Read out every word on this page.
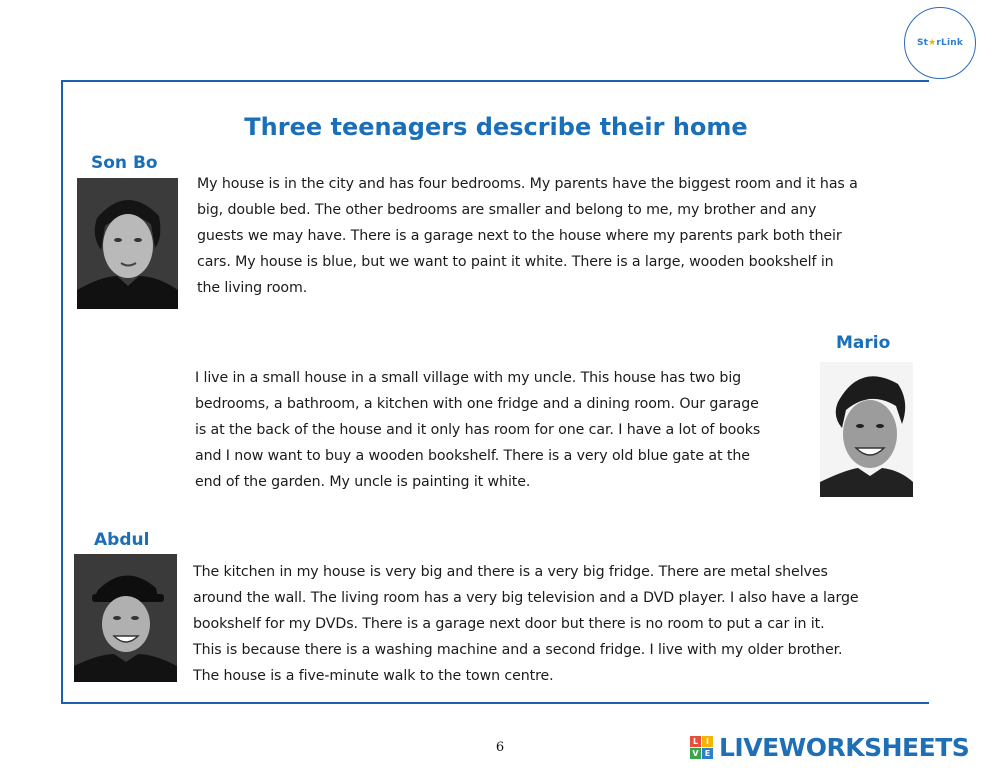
St★rLink
Three teenagers describe their home
Son Bo
My house is in the city and has four bedrooms. My parents have the biggest room and it has a
big, double bed. The other bedrooms are smaller and belong to me, my brother and any
guests we may have. There is a garage next to the house where my parents park both their
cars. My house is blue, but we want to paint it white. There is a large, wooden bookshelf in
the living room.
Mario
I live in a small house in a small village with my uncle. This house has two big
bedrooms, a bathroom, a kitchen with one fridge and a dining room. Our garage
is at the back of the house and it only has room for one car. I have a lot of books
and I now want to buy a wooden bookshelf. There is a very old blue gate at the
end of the garden. My uncle is painting it white.
Abdul
The kitchen in my house is very big and there is a very big fridge. There are metal shelves
around the wall. The living room has a very big television and a DVD player. I also have a large
bookshelf for my DVDs. There is a garage next door but there is no room to put a car in it.
This is because there is a washing machine and a second fridge. I live with my older brother.
The house is a five-minute walk to the town centre.
6	L I
V E LIVEWORKSHEETS
